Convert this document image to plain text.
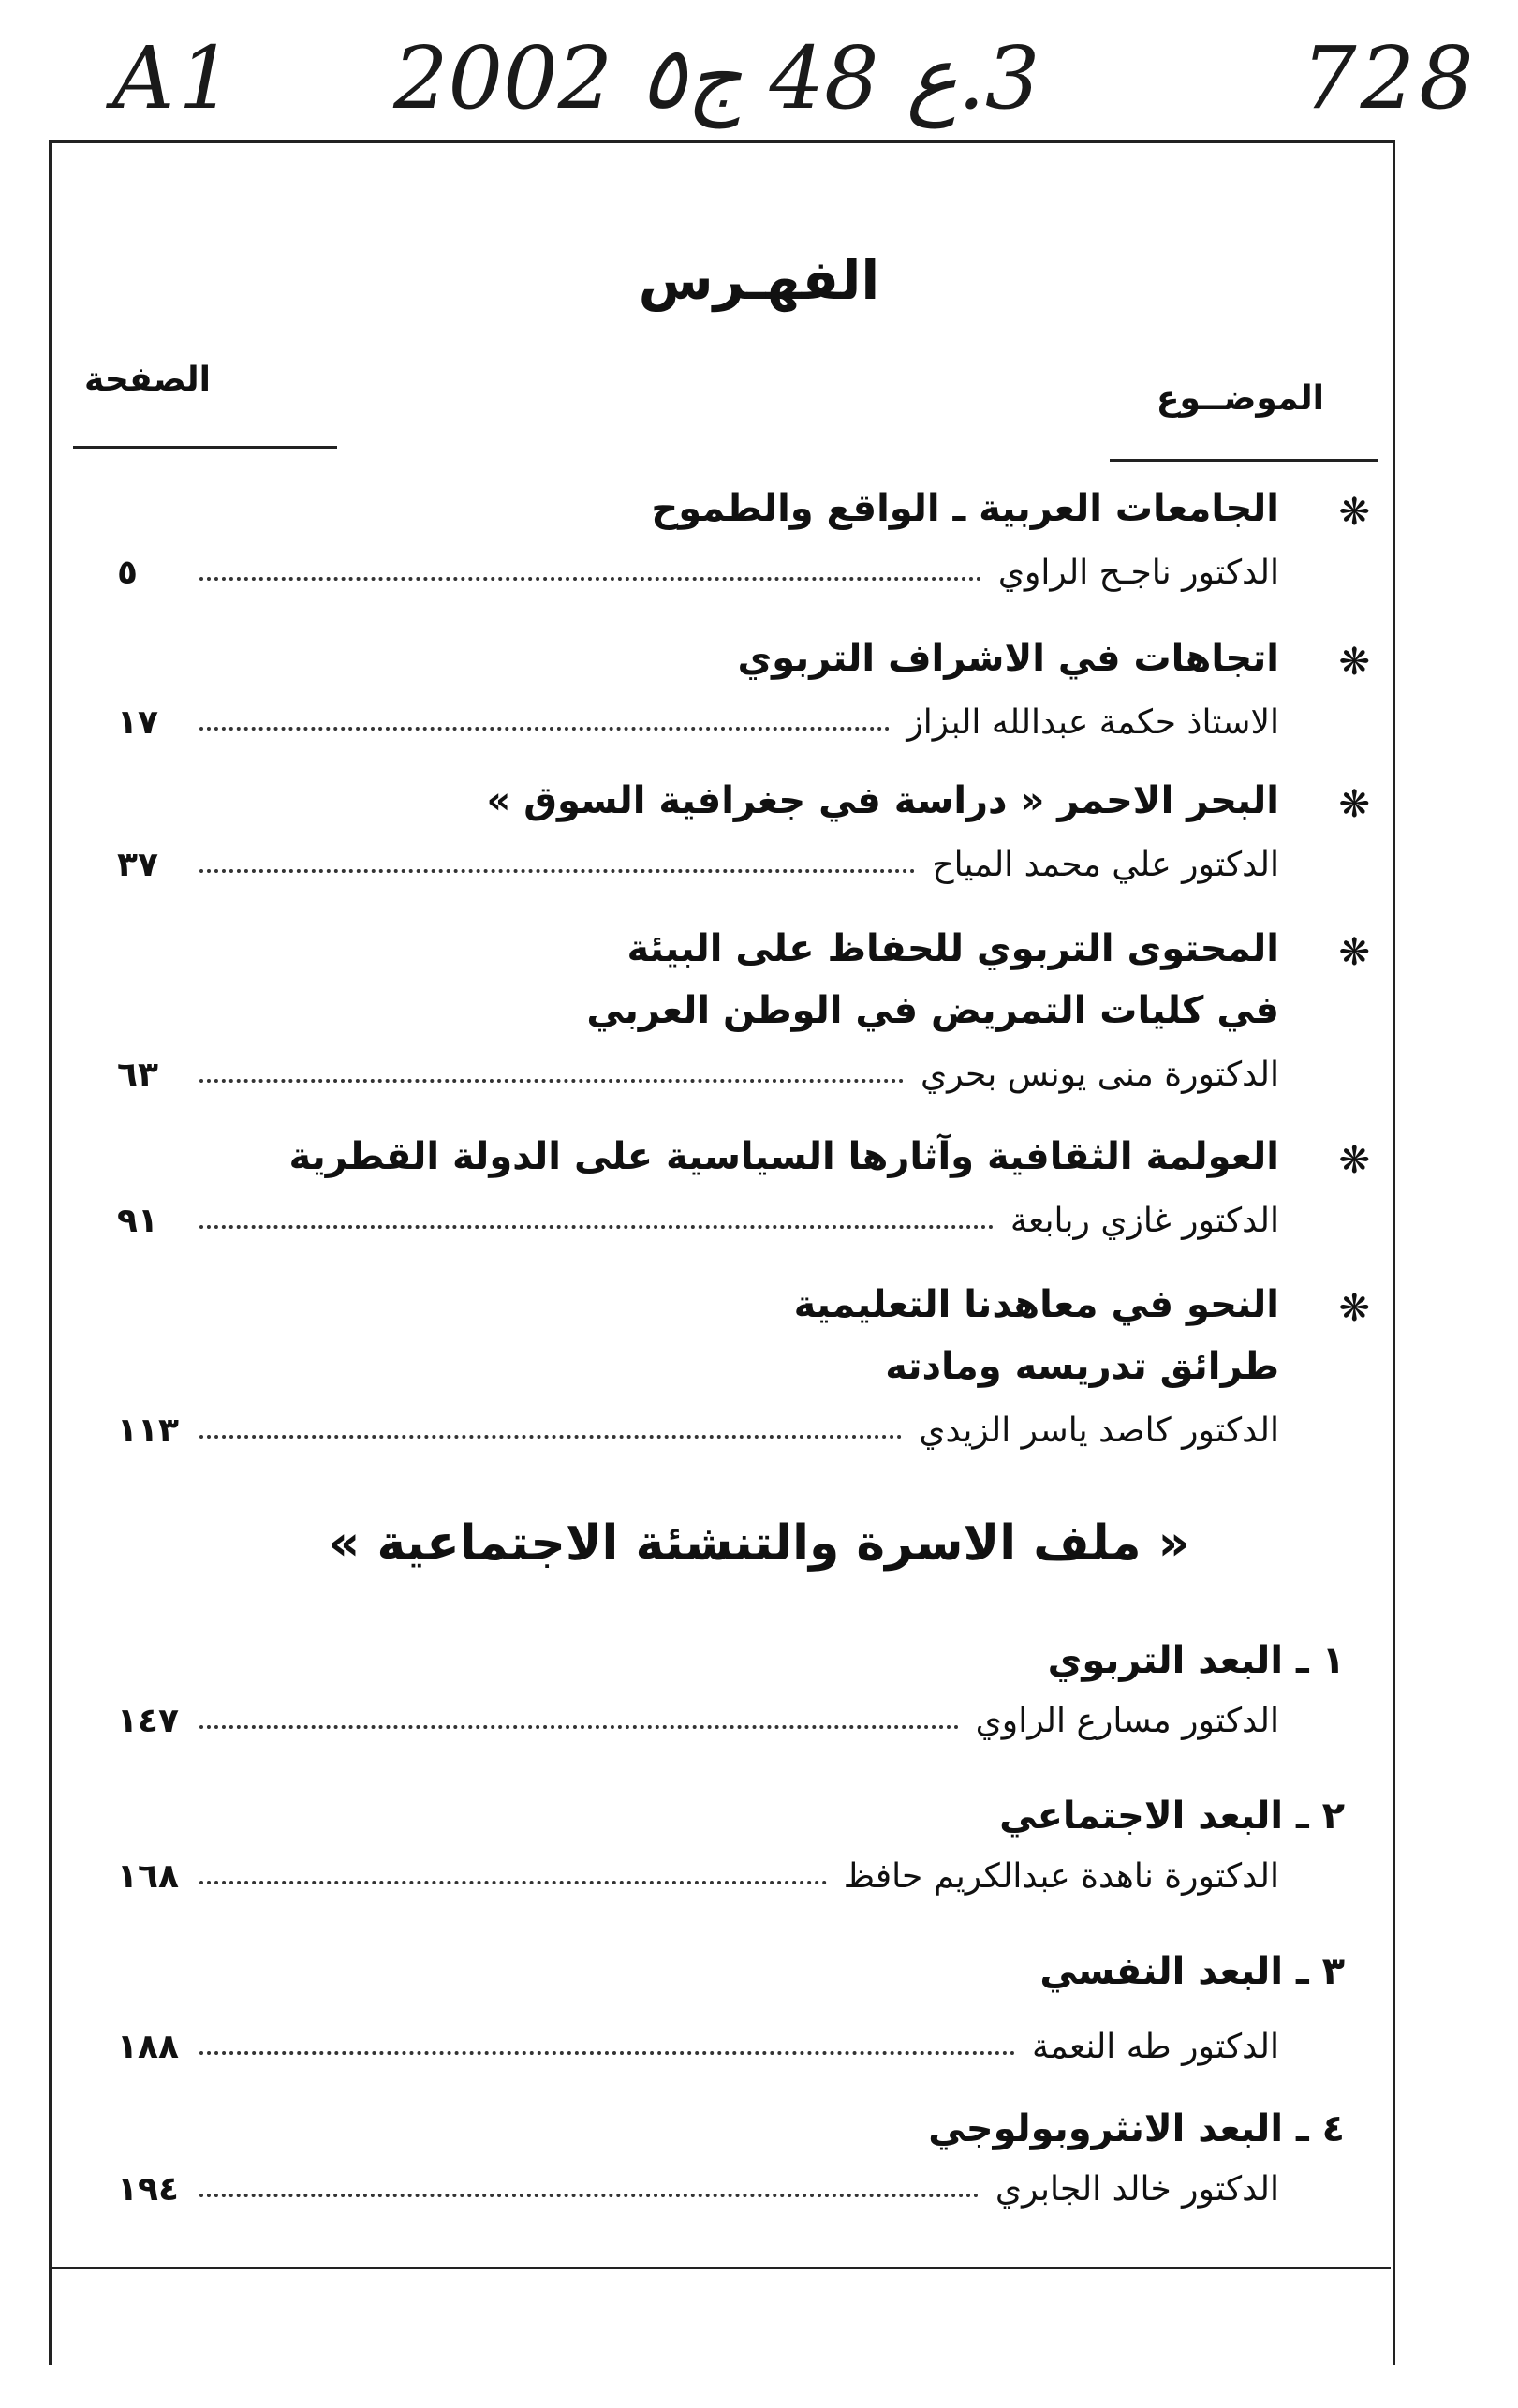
A1 3.ع 48 ج٥ 2002	728
الفهـرس
الموضــوع
الصفحة
❋
الجامعات العربية ـ الواقع والطموح
الدكتور ناجـح الراوي
٥
❋
اتجاهات في الاشراف التربوي
الاستاذ حكمة عبدالله البزاز
١٧
❋
البحر الاحمر « دراسة في جغرافية السوق »
الدكتور علي محمد المياح
٣٧
❋
المحتوى التربوي للحفاظ على البيئة
في كليات التمريض في الوطن العربي
الدكتورة منى يونس بحري
٦٣
❋
العولمة الثقافية وآثارها السياسية على الدولة القطرية
الدكتور غازي ربابعة
٩١
❋
النحو في معاهدنا التعليمية
طرائق تدريسه ومادته
الدكتور كاصد ياسر الزيدي
١١٣
« ملف الاسرة والتنشئة الاجتماعية »
١ ـ البعد التربوي
الدكتور مسارع الراوي
١٤٧
٢ ـ البعد الاجتماعي
الدكتورة ناهدة عبدالكريم حافظ
١٦٨
٣ ـ البعد النفسي
الدكتور طه النعمة
١٨٨
٤ ـ البعد الانثروبولوجي
الدكتور خالد الجابري
١٩٤
